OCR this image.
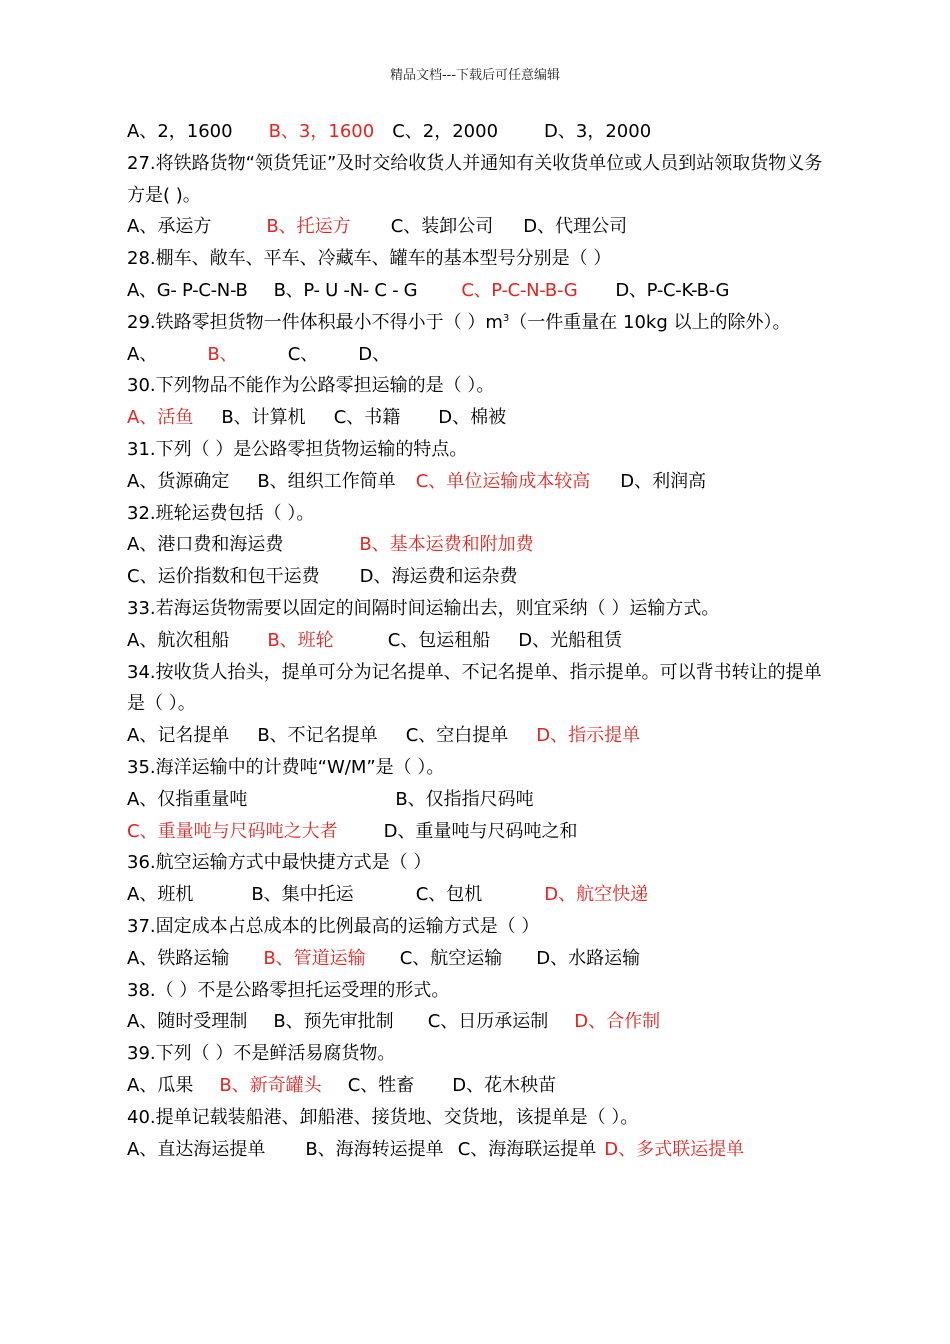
精品文档---下载后可任意编辑
A、2，1600 B、3，1600 C、2，2000	D、3，2000
27.将铁路货物“领货凭证”及时交给收货人并通知有关收货单位或人员到站领取货物义务方是( )。
A、承运方	B、托运方 C、装卸公司 D、代理公司
28.棚车、敞车、平车、冷藏车、罐车的基本型号分别是（ ）
A、G- P-C-N-B B、P- U -N- C - G C、P-C-N-B-G D、P-C-K-B-G
29.铁路零担货物一件体积最小不得小于（ ）$m^3$（一件重量在 10kg 以上的除外）。
A、	B、	C、 D、
30.下列物品不能作为公路零担运输的是（ ）。
A、活鱼 B、计算机 C、书籍 D、棉被
31.下列（ ）是公路零担货物运输的特点。
A、货源确定 B、组织工作简单 C、单位运输成本较高 D、利润高
32.班轮运费包括（ ）。
A、港口费和海运费	B、基本运费和附加费
C、运价指数和包干运费 D、海运费和运杂费
33.若海运货物需要以固定的间隔时间运输出去，则宜采纳（ ）运输方式。
A、航次租船 B、班轮	C、包运租船 D、光船租赁
34.按收货人抬头，提单可分为记名提单、不记名提单、指示提单。可以背书转让的提单是（ ）。
A、记名提单 B、不记名提单 C、空白提单 D、指示提单
35.海洋运输中的计费吨“W/M”是（ ）。
A、仅指重量吨	B、仅指指尺码吨
C、重量吨与尺码吨之大者	D、重量吨与尺码吨之和
36.航空运输方式中最快捷方式是（ ）
A、班机	B、集中托运	C、包机	D、航空快递
37.固定成本占总成本的比例最高的运输方式是（ ）
A、铁路运输 B、管道运输 C、航空运输 D、水路运输
38.（ ）不是公路零担托运受理的形式。
A、随时受理制 B、预先审批制 C、日历承运制 D、合作制
39.下列（ ）不是鲜活易腐货物。
A、瓜果 B、新奇罐头 C、牲畜 D、花木秧苗
40.提单记载装船港、卸船港、接货地、交货地，该提单是（ ）。
A、直达海运提单 B、海海转运提单 C、海海联运提单 D、多式联运提单
